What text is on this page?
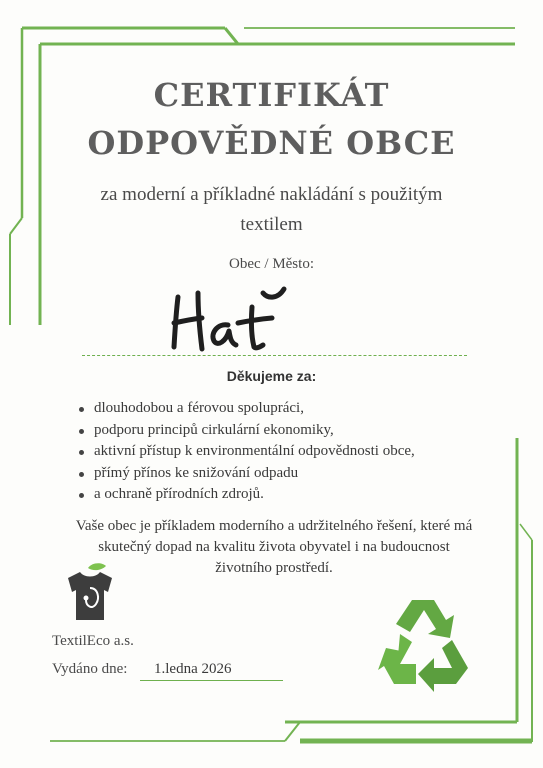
CERTIFIKÁT
ODPOVĚDNÉ OBCE
za moderní a příkladné nakládání s použitým textilem
Obec / Město:
Děkujeme za:
dlouhodobou a férovou spolupráci,
podporu principů cirkulární ekonomiky,
aktivní přístup k environmentální odpovědnosti obce,
přímý přínos ke snižování odpadu
a ochraně přírodních zdrojů.
Vaše obec je příkladem moderního a udržitelného řešení, které má skutečný dopad na kvalitu života obyvatel i na budoucnost životního prostředí.
TextilEco a.s.
Vydáno dne:	1.ledna 2026
